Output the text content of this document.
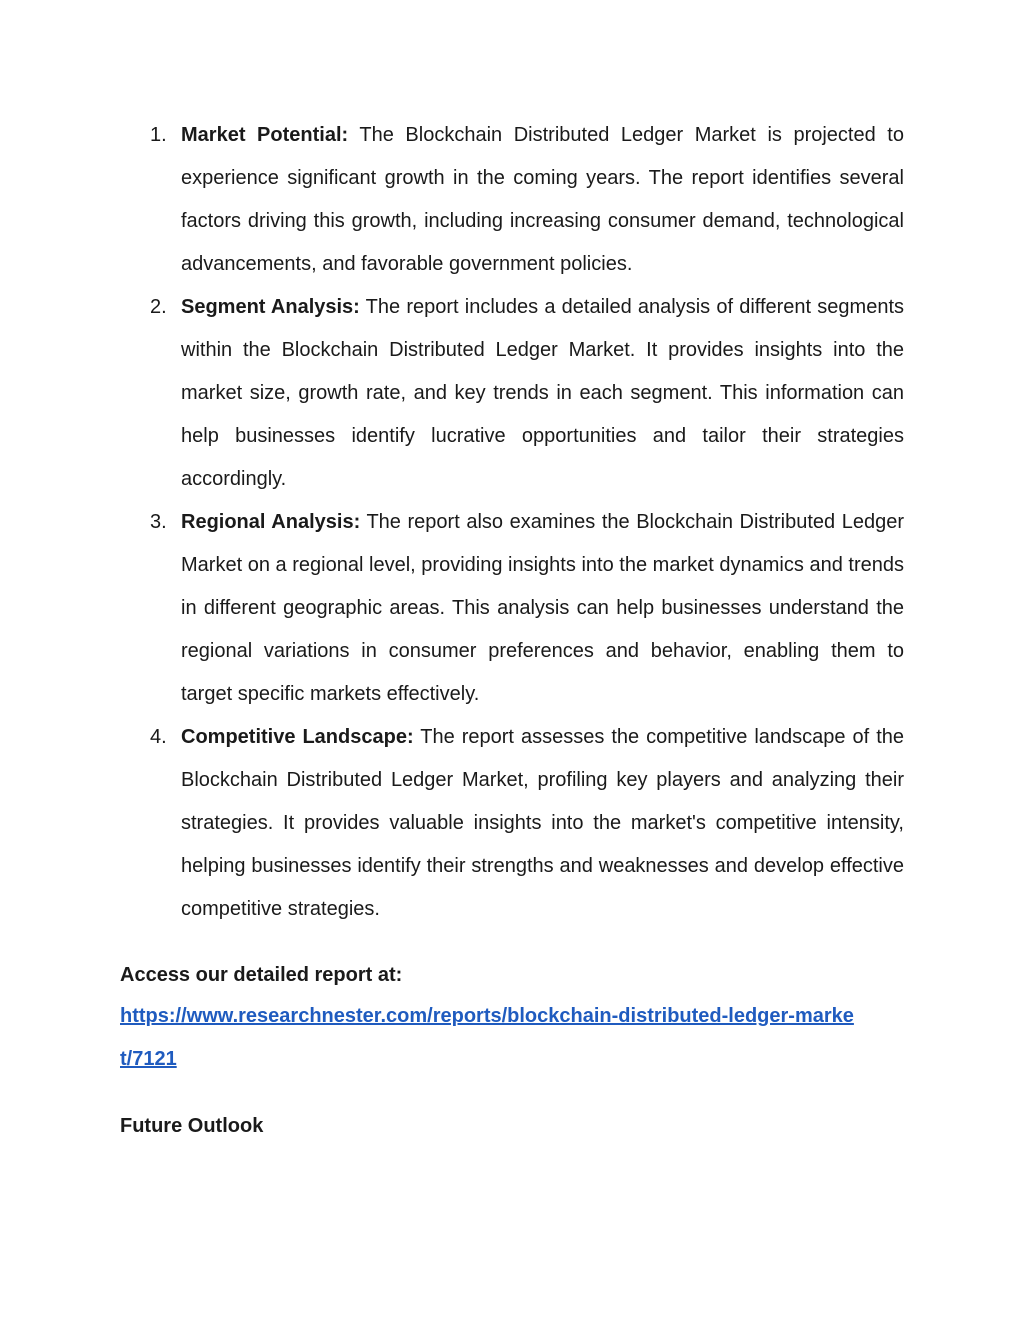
1. Market Potential: The Blockchain Distributed Ledger Market is projected to experience significant growth in the coming years. The report identifies several factors driving this growth, including increasing consumer demand, technological advancements, and favorable government policies.
2. Segment Analysis: The report includes a detailed analysis of different segments within the Blockchain Distributed Ledger Market. It provides insights into the market size, growth rate, and key trends in each segment. This information can help businesses identify lucrative opportunities and tailor their strategies accordingly.
3. Regional Analysis: The report also examines the Blockchain Distributed Ledger Market on a regional level, providing insights into the market dynamics and trends in different geographic areas. This analysis can help businesses understand the regional variations in consumer preferences and behavior, enabling them to target specific markets effectively.
4. Competitive Landscape: The report assesses the competitive landscape of the Blockchain Distributed Ledger Market, profiling key players and analyzing their strategies. It provides valuable insights into the market's competitive intensity, helping businesses identify their strengths and weaknesses and develop effective competitive strategies.

Access our detailed report at:

https://www.researchnester.com/reports/blockchain-distributed-ledger-market/7121
Future Outlook
